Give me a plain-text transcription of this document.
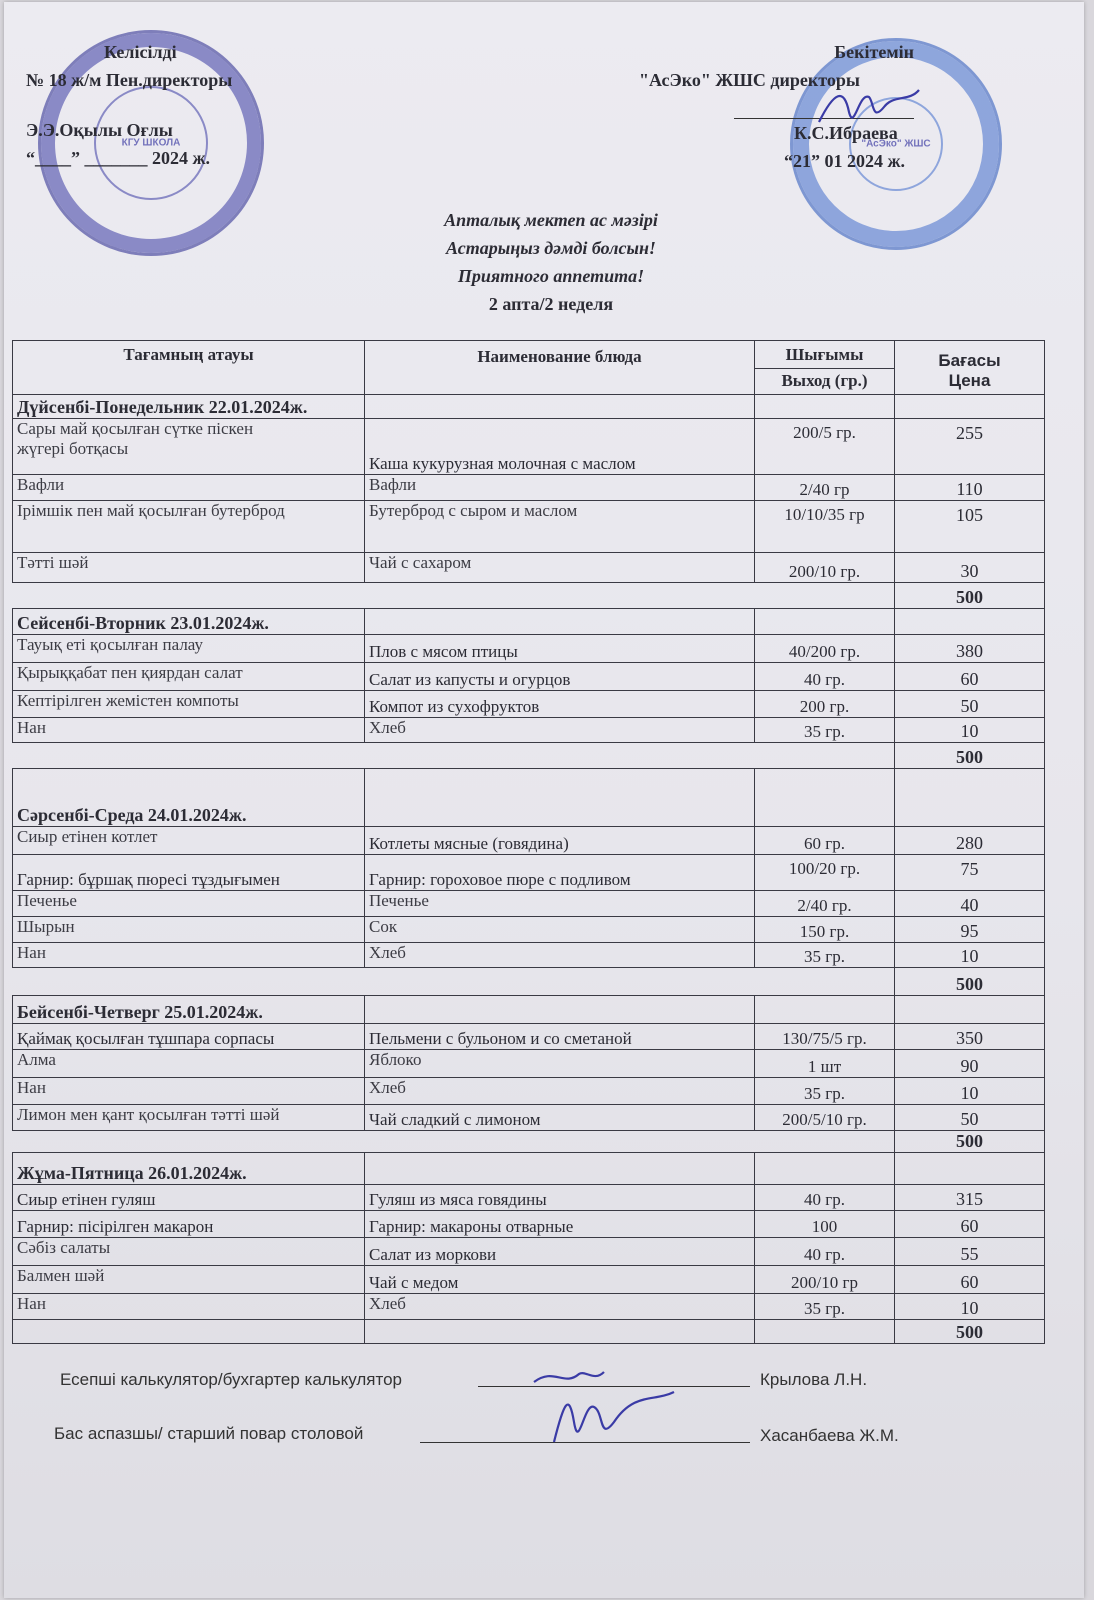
КГУ ШКОЛА	"АсЭко" ЖШС
Келісілді
№ 18 ж/м Пен.директоры
Э.Э.Оқылы Оғлы
“____” _______ 2024 ж.
Бекітемін
"АсЭко" ЖШС директоры
К.С.Ибраева
“21” 01 2024 ж.
Апталық мектеп ас мәзірі
Астарыңыз дәмді болсын!
Приятного аппетита!
2 апта/2 неделя
Тағамның атауы	Наименование блюда	Шығымы	Бағасы
Цена

		Выход (гр.)	
Дүйсенбі-Понедельник 22.01.2024ж.			

Сары май қосылған сүтке піскен
жүгері ботқасы	Каша кукурузная молочная с маслом	200/5 гр.	255
Вафли	Вафли	2/40 гр	110
Ірімшік пен май қосылған бутерброд	Бутерброд с сыром и маслом	10/10/35 гр	105
Тәтті шәй	Чай с сахаром	200/10 гр.	30
			500
Сейсенбі-Вторник 23.01.2024ж.			
Тауық еті қосылған палау	Плов с мясом птицы	40/200 гр.	380
Қырыққабат пен қиярдан салат	Салат из капусты и огурцов	40 гр.	60
Кептірілген жемістен компоты	Компот из сухофруктов	200 гр.	50
Нан	Хлеб	35 гр.	10
			500
Сәрсенбі-Среда 24.01.2024ж.			
Сиыр етінен котлет	Котлеты мясные (говядина)	60 гр.	280
Гарнир: бұршақ пюресі тұздығымен	Гарнир: гороховое пюре с подливом	100/20 гр.	75
Печенье	Печенье	2/40 гр.	40
Шырын	Сок	150 гр.	95
Нан	Хлеб	35 гр.	10
			500
Бейсенбі-Четверг 25.01.2024ж.			
Қаймақ қосылған тұшпара сорпасы	Пельмени с бульоном и со сметаной	130/75/5 гр.	350
Алма	Яблоко	1 шт	90
Нан	Хлеб	35 гр.	10
Лимон мен қант қосылған тәтті шәй	Чай сладкий с лимоном	200/5/10 гр.	50
			500
Жұма-Пятница 26.01.2024ж.			
Сиыр етінен гуляш	Гуляш из мяса говядины	40 гр.	315
Гарнир: пісірілген макарон	Гарнир: макароны отварные	100	60
Сәбіз салаты	Салат из моркови	40 гр.	55
Балмен шәй	Чай с медом	200/10 гр	60
Нан	Хлеб	35 гр.	10
			500
Есепші калькулятор/бухгартер калькулятор	Крылова Л.Н.
Бас аспазшы/ старший повар столовой	Хасанбаева Ж.М.
